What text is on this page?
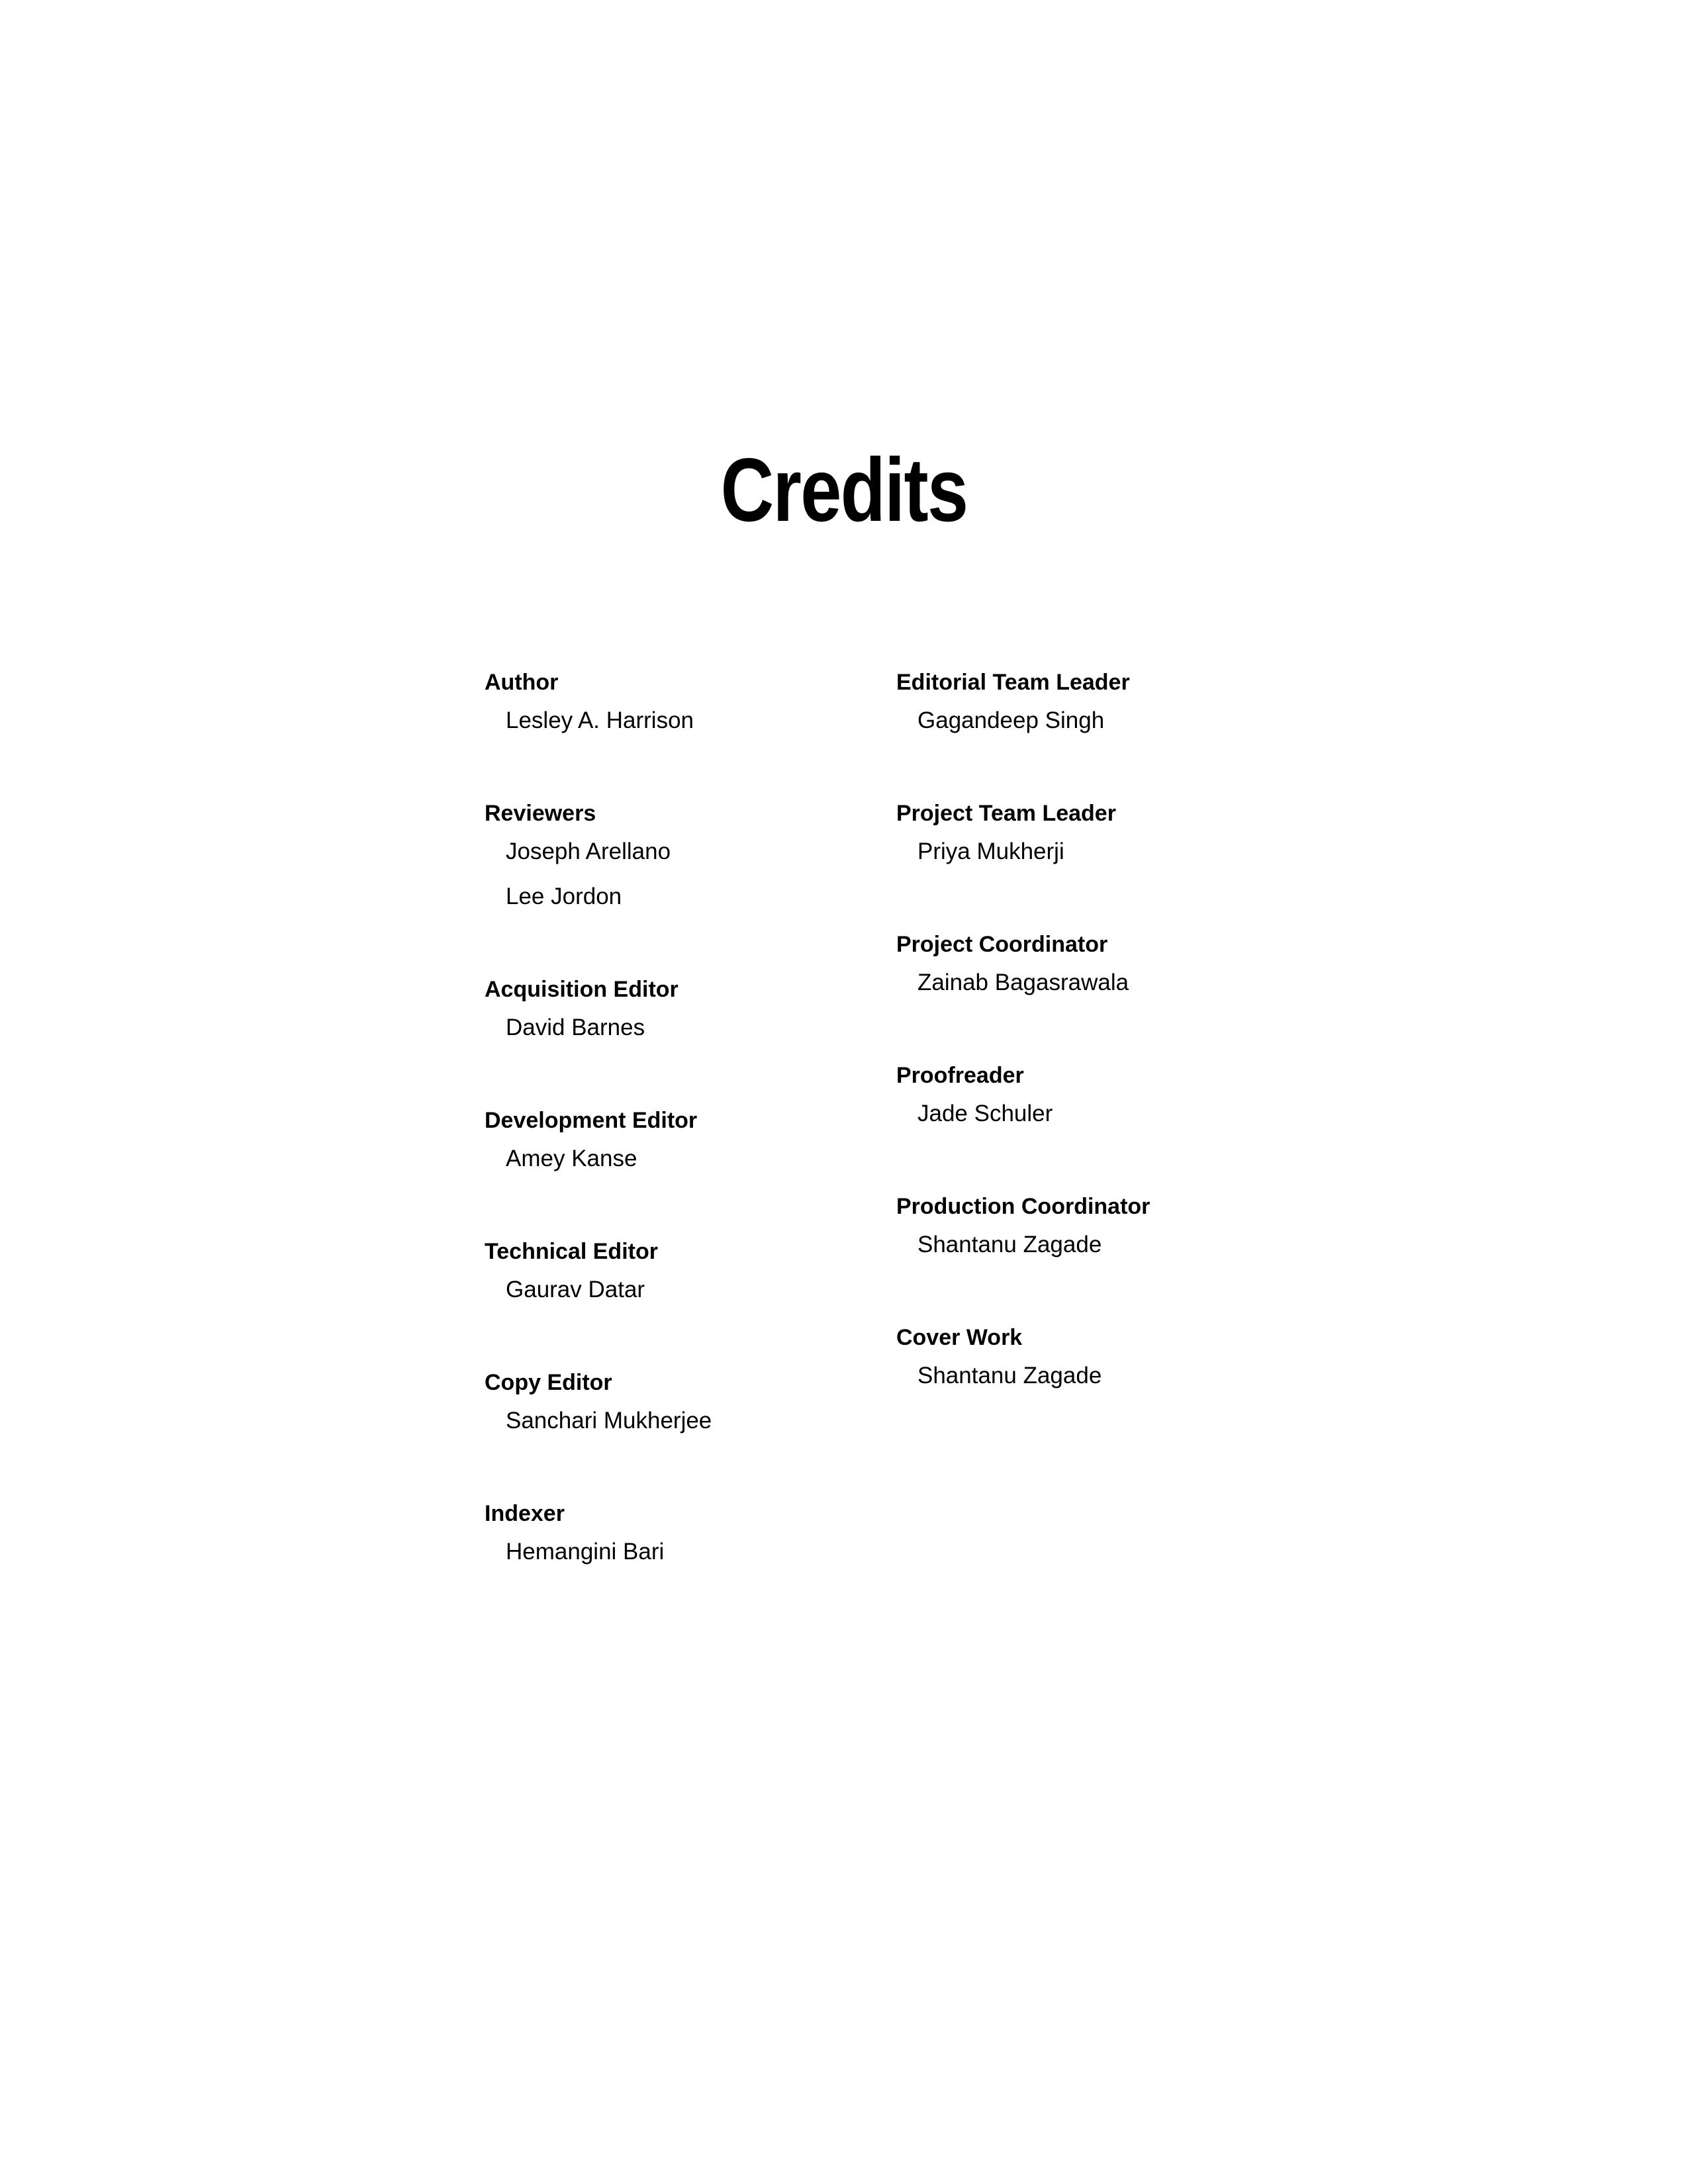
Credits
Author
Lesley A. Harrison
Reviewers
Joseph Arellano
Lee Jordon
Acquisition Editor
David Barnes
Development Editor
Amey Kanse
Technical Editor
Gaurav Datar
Copy Editor
Sanchari Mukherjee
Indexer
Hemangini Bari
Editorial Team Leader
Gagandeep Singh
Project Team Leader
Priya Mukherji
Project Coordinator
Zainab Bagasrawala
Proofreader
Jade Schuler
Production Coordinator
Shantanu Zagade
Cover Work
Shantanu Zagade
